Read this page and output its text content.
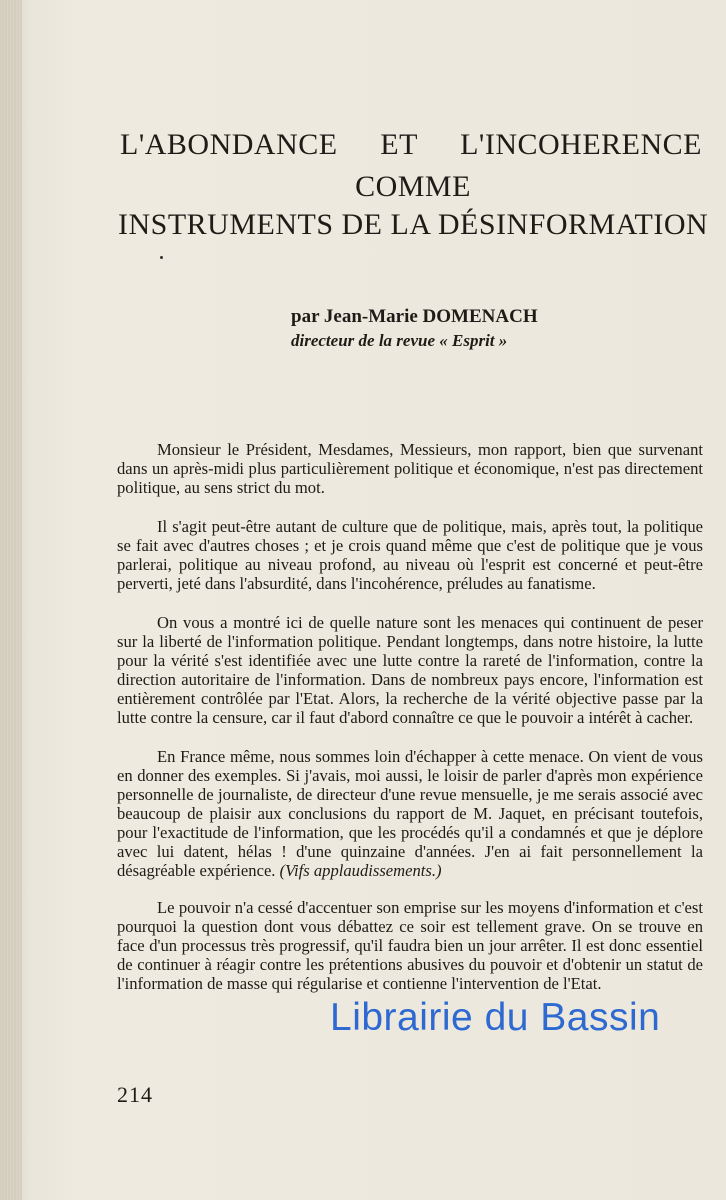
L'ABONDANCE ET L'INCOHERENCE
COMME
INSTRUMENTS DE LA DÉSINFORMATION
par Jean-Marie DOMENACH
directeur de la revue « Esprit »

Monsieur le Président, Mesdames, Messieurs, mon rapport, bien que survenant dans un après-midi plus particulièrement politique et économique, n'est pas directement politique, au sens strict du mot.

Il s'agit peut-être autant de culture que de politique, mais, après tout, la politique se fait avec d'autres choses ; et je crois quand même que c'est de politique que je vous parlerai, politique au niveau profond, au niveau où l'esprit est concerné et peut-être perverti, jeté dans l'absurdité, dans l'incohérence, préludes au fanatisme.

On vous a montré ici de quelle nature sont les menaces qui continuent de peser sur la liberté de l'information politique. Pendant longtemps, dans notre histoire, la lutte pour la vérité s'est identifiée avec une lutte contre la rareté de l'information, contre la direction autoritaire de l'information. Dans de nombreux pays encore, l'information est entièrement contrôlée par l'Etat. Alors, la recherche de la vérité objective passe par la lutte contre la censure, car il faut d'abord connaître ce que le pouvoir a intérêt à cacher.

En France même, nous sommes loin d'échapper à cette menace. On vient de vous en donner des exemples. Si j'avais, moi aussi, le loisir de parler d'après mon expérience personnelle de journaliste, de directeur d'une revue mensuelle, je me serais associé avec beaucoup de plaisir aux conclusions du rapport de M. Jaquet, en précisant toutefois, pour l'exactitude de l'information, que les procédés qu'il a condamnés et que je déplore avec lui datent, hélas ! d'une quinzaine d'années. J'en ai fait personnellement la désagréable expérience. (Vifs applaudissements.)

Le pouvoir n'a cessé d'accentuer son emprise sur les moyens d'information et c'est pourquoi la question dont vous débattez ce soir est tellement grave. On se trouve en face d'un processus très progressif, qu'il faudra bien un jour arrêter. Il est donc essentiel de continuer à réagir contre les prétentions abusives du pouvoir et d'obtenir un statut de l'information de masse qui régularise et contienne l'intervention de l'Etat.

214
Librairie du Bassin
